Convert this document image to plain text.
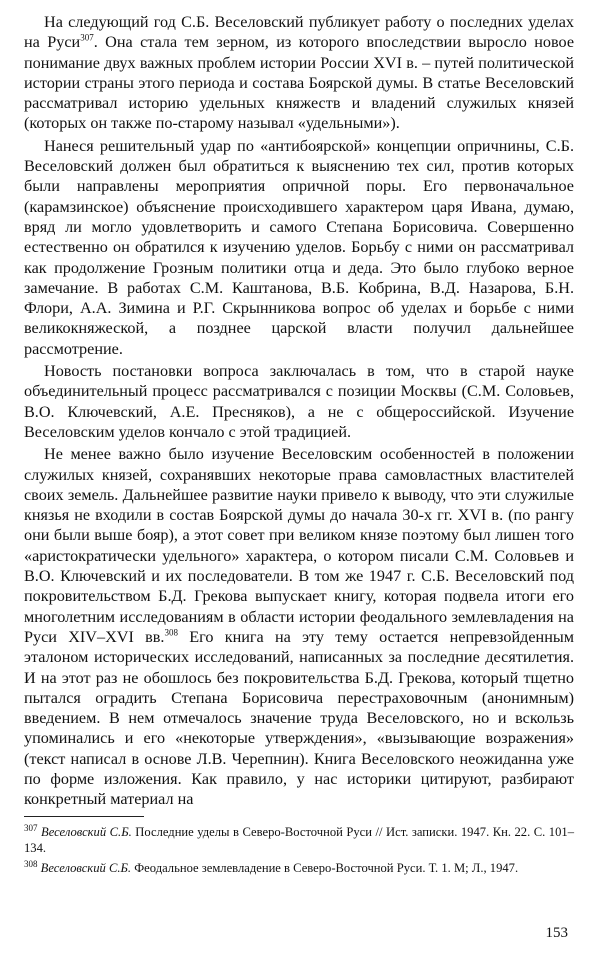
На следующий год С.Б. Веселовский публикует работу о последних уделах на Руси$^{307}$. Она стала тем зерном, из которого впоследствии выросло новое понимание двух важных проблем истории России XVI в. – путей политической истории страны этого периода и состава Боярской думы. В статье Веселовский рассматривал историю удельных княжеств и владений служилых князей (которых он также по-старому называл «удельными»).

Нанеся решительный удар по «антибоярской» концепции опричнины, С.Б. Веселовский должен был обратиться к выяснению тех сил, против которых были направлены мероприятия опричной поры. Его первоначальное (карамзинское) объяснение происходившего характером царя Ивана, думаю, вряд ли могло удовлетворить и самого Степана Борисовича. Совершенно естественно он обратился к изучению уделов. Борьбу с ними он рассматривал как продолжение Грозным политики отца и деда. Это было глубоко верное замечание. В работах С.М. Каштанова, В.Б. Кобрина, В.Д. Назарова, Б.Н. Флори, А.А. Зимина и Р.Г. Скрынникова вопрос об уделах и борьбе с ними великокняжеской, а позднее царской власти получил дальнейшее рассмотрение.

Новость постановки вопроса заключалась в том, что в старой науке объединительный процесс рассматривался с позиции Москвы (С.М. Соловьев, В.О. Ключевский, А.Е. Пресняков), а не с общероссийской. Изучение Веселовским уделов кончало с этой традицией.

Не менее важно было изучение Веселовским особенностей в положении служилых князей, сохранявших некоторые права самовластных властителей своих земель. Дальнейшее развитие науки привело к выводу, что эти служилые князья не входили в состав Боярской думы до начала 30-х гг. XVI в. (по рангу они были выше бояр), а этот совет при великом князе поэтому был лишен того «аристократически удельного» характера, о котором писали С.М. Соловьев и В.О. Ключевский и их последователи. В том же 1947 г. С.Б. Веселовский под покровительством Б.Д. Грекова выпускает книгу, которая подвела итоги его многолетним исследованиям в области истории феодального землевладения на Руси XIV–XVI вв.$^{308}$ Его книга на эту тему остается непревзойденным эталоном исторических исследований, написанных за последние десятилетия. И на этот раз не обошлось без покровительства Б.Д. Грекова, который тщетно пытался оградить Степана Борисовича перестраховочным (анонимным) введением. В нем отмечалось значение труда Веселовского, но и вскользь упоминались и его «некоторые утверждения», «вызывающие возражения» (текст написал в основе Л.В. Черепнин). Книга Веселовского неожиданна уже по форме изложения. Как правило, у нас историки цитируют, разбирают конкретный материал на

$^{307}$ Веселовский С.Б. Последние уделы в Северо-Восточной Руси // Ист. записки. 1947. Кн. 22. С. 101–134.

$^{308}$ Веселовский С.Б. Феодальное землевладение в Северо-Восточной Руси. Т. 1. М; Л., 1947.

153
